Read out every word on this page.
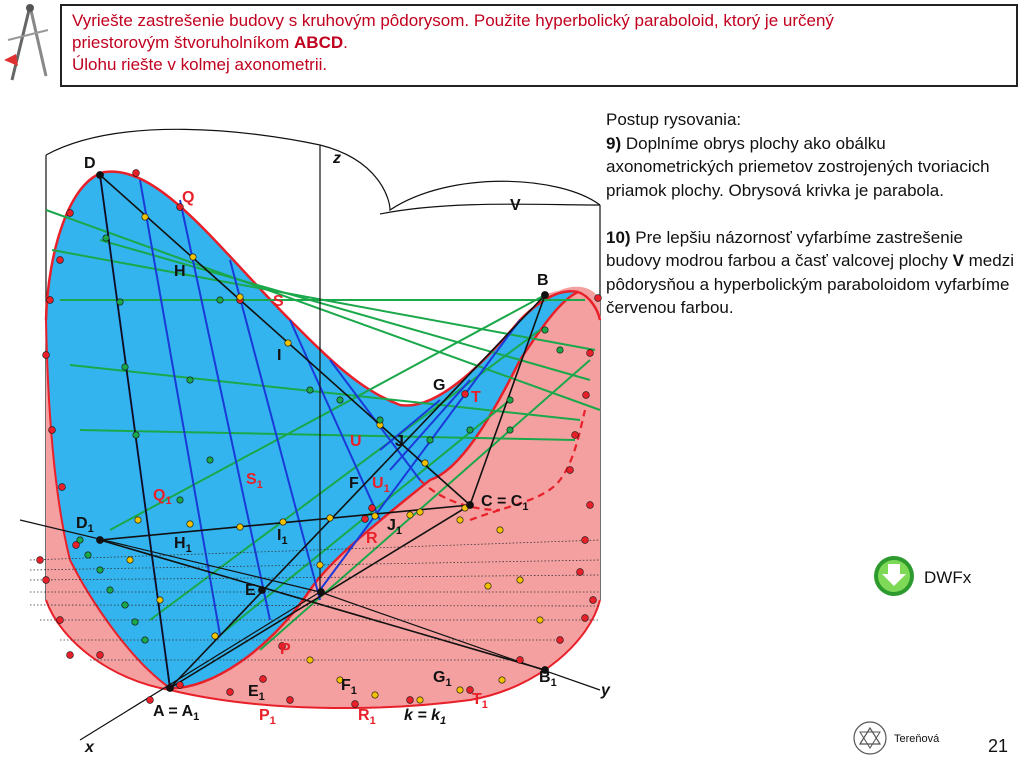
Vyriešte zastrešenie budovy s kruhovým pôdorysom. Použite hyperbolický paraboloid, ktorý je určený
priestorovým štvoruholníkom ABCD.
Úlohu riešte v kolmej axonometrii.

Postup rysovania:

9) Doplníme obrys plochy ako obálku axonometrických priemetov zostrojených tvoriacich priamok plochy. Obrysová krivka je parabola.

10) Pre lepšiu názornosť vyfarbíme zastrešenie budovy modrou farbou a časť valcovej plochy V medzi pôdorysňou a hyperbolickým paraboloidom vyfarbíme červenou farbou.

D
Q
H
S
I
G
T
U J
F
B
V
z
$S_1$
$Q_1$
$U_1$
$D_1$
$H_1$
$I_1$
$J_1$
R
$C = C_1$
E
P
$E_1$
$F_1$
$G_1$	$B_1$	y
$T_1$
$A = A_1$	$P_1$	$R_1$ $k = k_1$
x
DWFx
Tereňová	21
